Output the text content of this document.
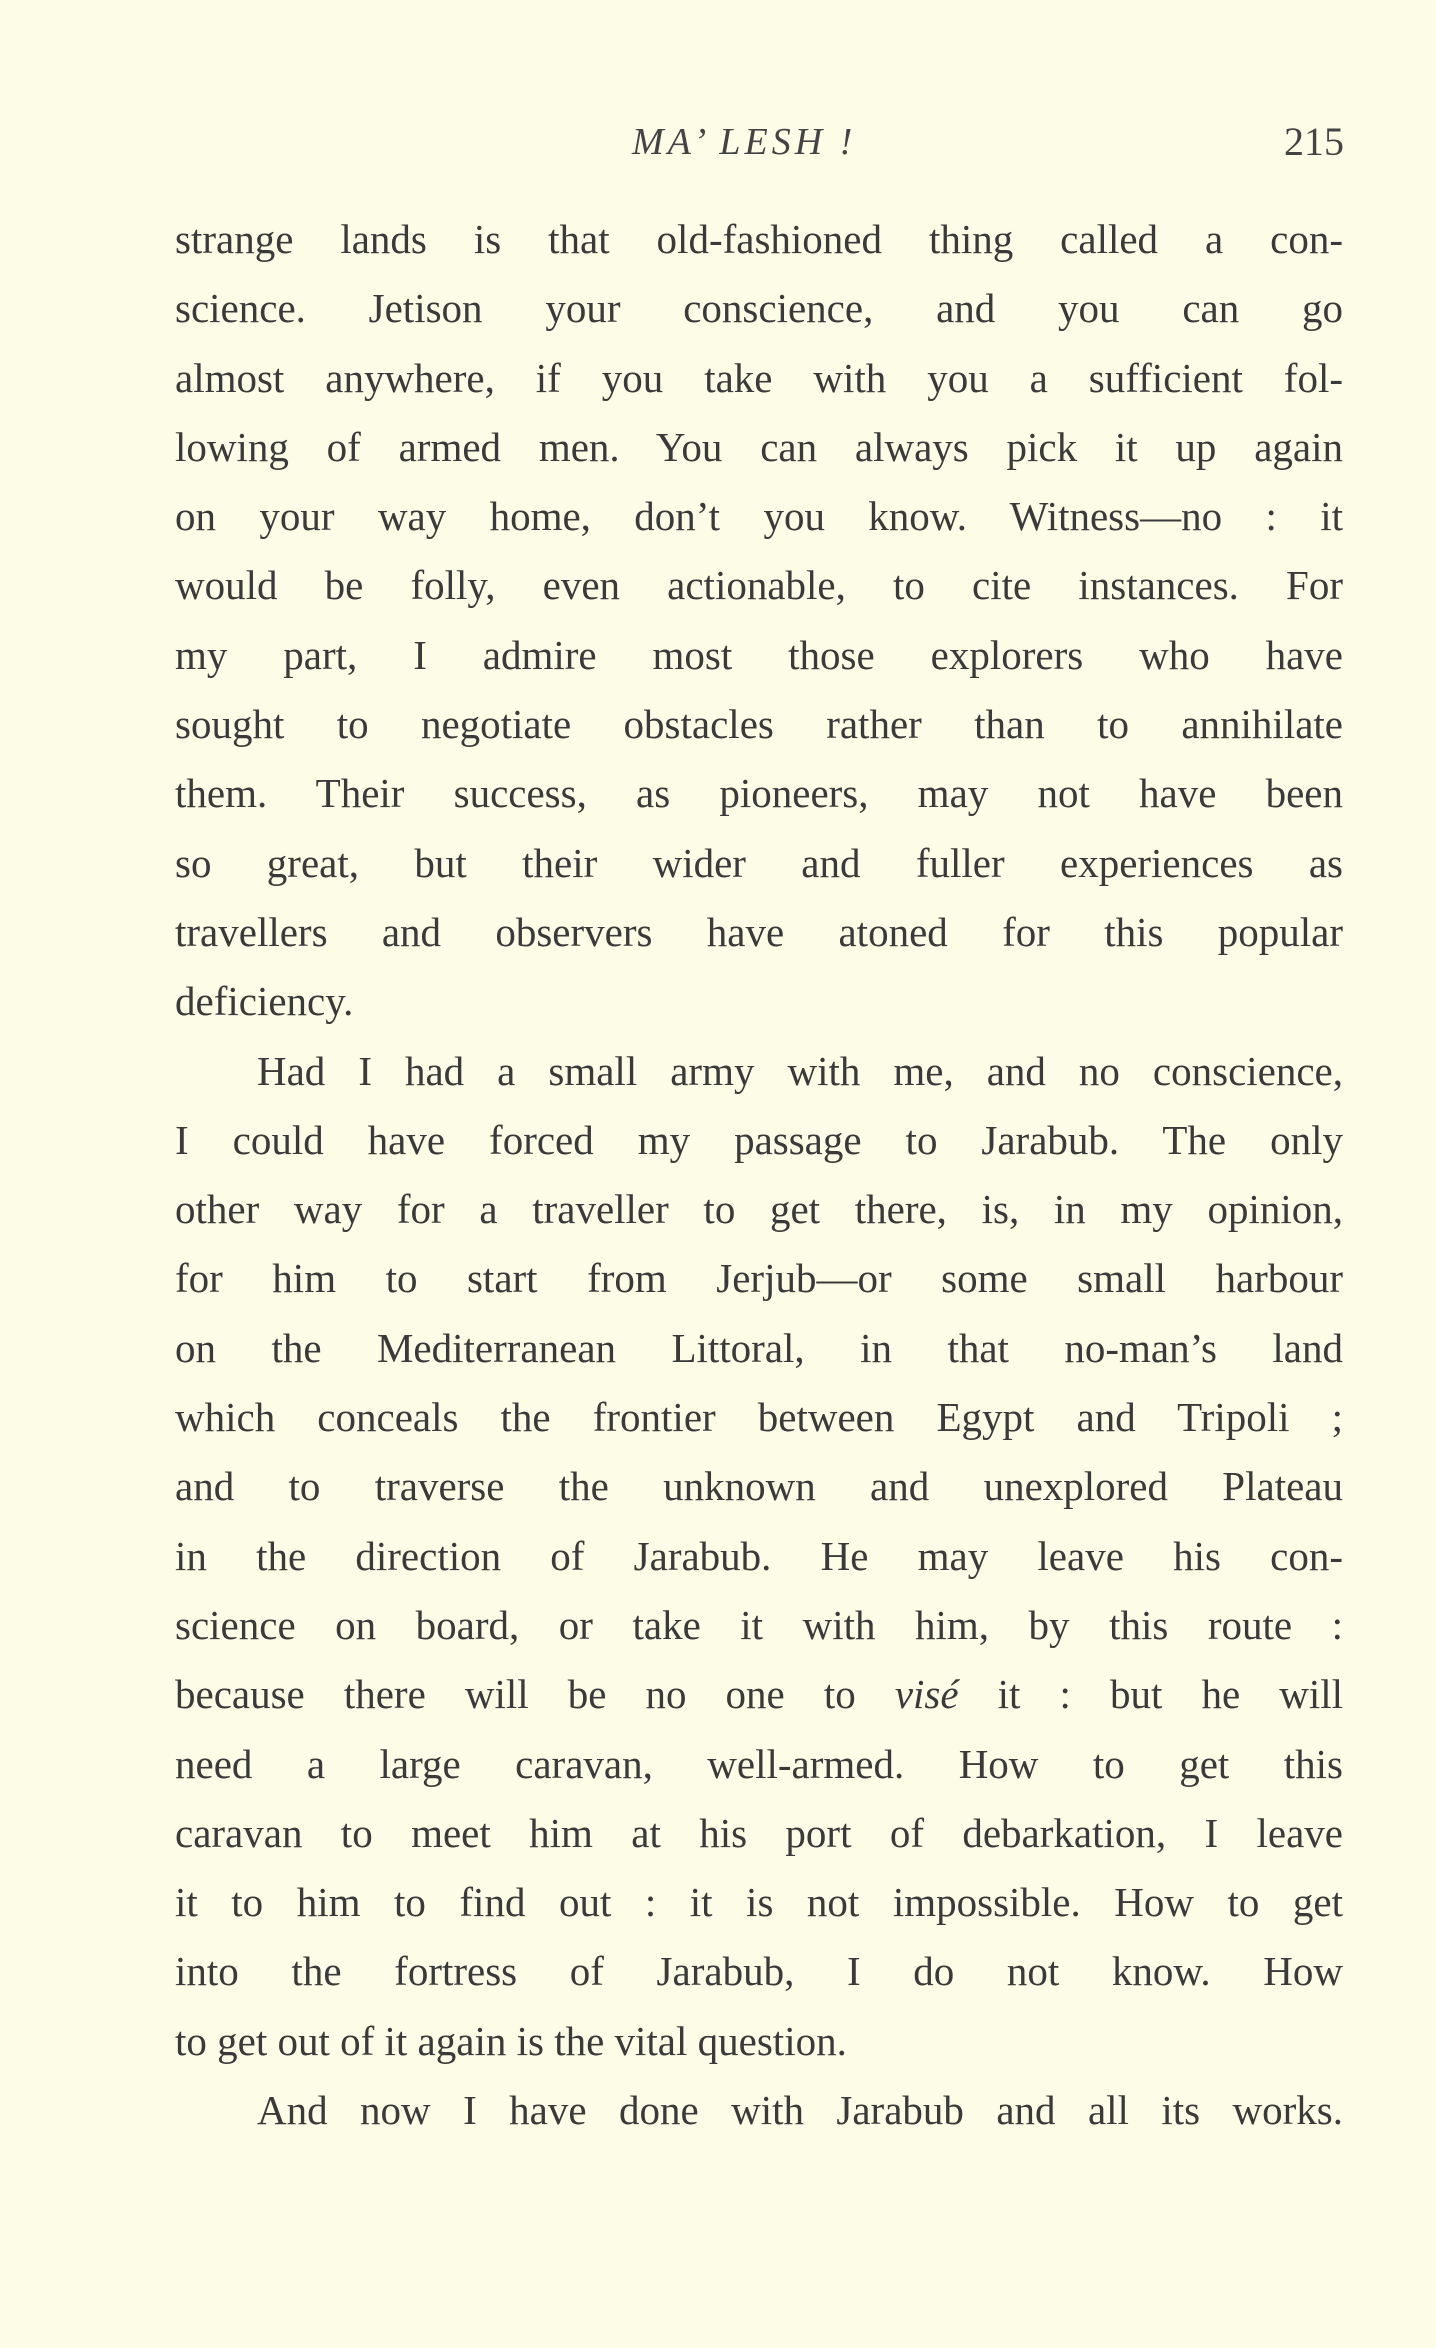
MA’ LESH !	215
strange lands is that old-fashioned thing called a con-
science. Jetison your conscience, and you can go
almost anywhere, if you take with you a sufficient fol-
lowing of armed men. You can always pick it up again
on your way home, don’t you know. Witness—no : it
would be folly, even actionable, to cite instances. For
my part, I admire most those explorers who have
sought to negotiate obstacles rather than to annihilate
them. Their success, as pioneers, may not have been
so great, but their wider and fuller experiences as
travellers and observers have atoned for this popular
deficiency.
Had I had a small army with me, and no conscience,
I could have forced my passage to Jarabub. The only
other way for a traveller to get there, is, in my opinion,
for him to start from Jerjub—or some small harbour
on the Mediterranean Littoral, in that no-man’s land
which conceals the frontier between Egypt and Tripoli ;
and to traverse the unknown and unexplored Plateau
in the direction of Jarabub. He may leave his con-
science on board, or take it with him, by this route :
because there will be no one to visé it : but he will
need a large caravan, well-armed. How to get this
caravan to meet him at his port of debarkation, I leave
it to him to find out : it is not impossible. How to get
into the fortress of Jarabub, I do not know. How
to get out of it again is the vital question.
And now I have done with Jarabub and all its works.
